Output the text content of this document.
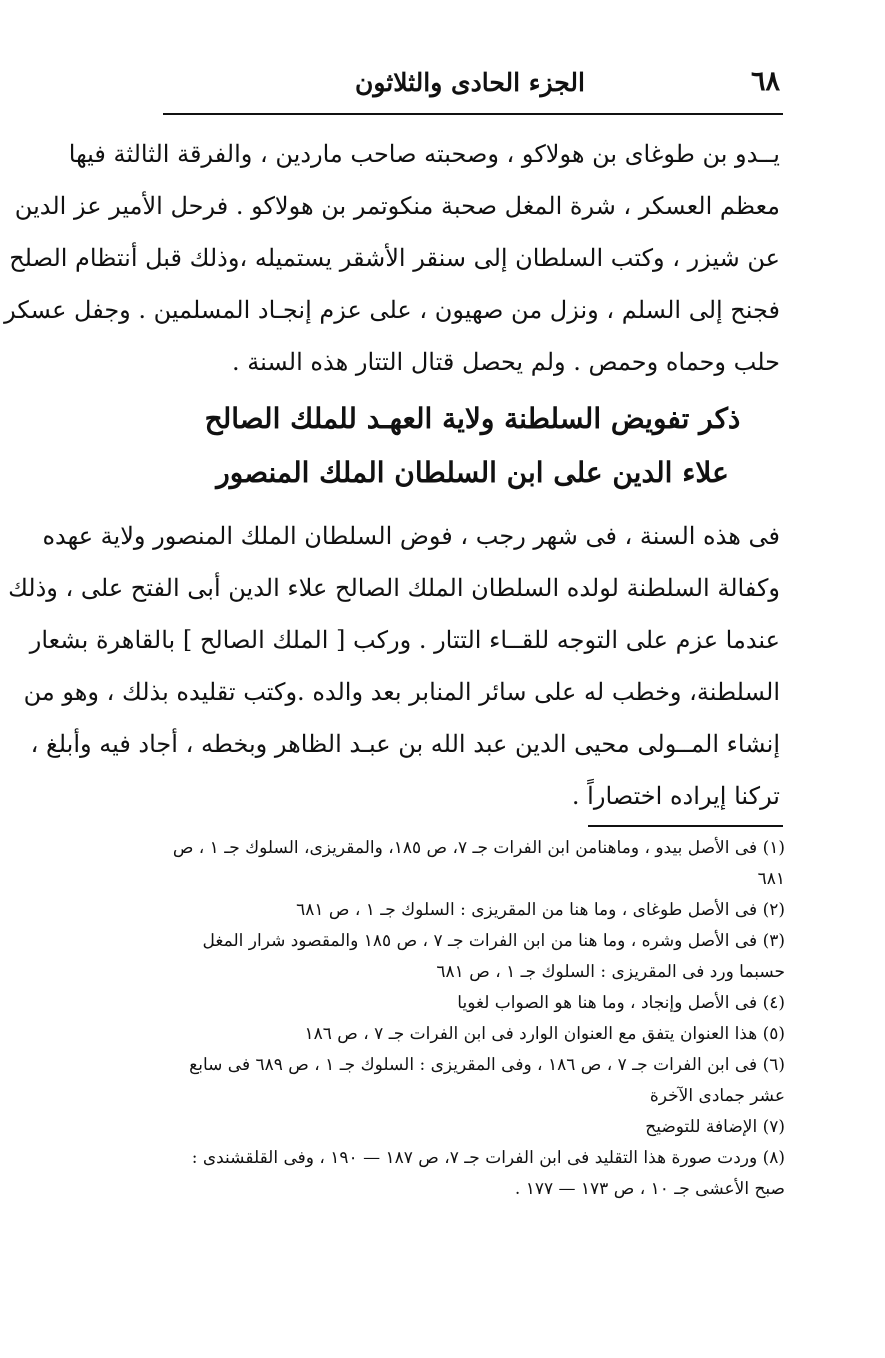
٦٨
الجزء الحادى والثلاثون
يــدو بن طوغاى بن هولاكو ، وصحبته صاحب ماردين ، والفرقة الثالثة فيها
معظم العسكر ، شرة المغل صحبة منكوتمر بن هولاكو . فرحل الأمير عز الدين
عن شيزر ، وكتب السلطان إلى سنقر الأشقر يستميله ،وذلك قبل أنتظام الصلح
فجنح إلى السلم ، ونزل من صهيون ، على عزم إنجـاد المسلمين . وجفل عسكر
حلب وحماه وحمص . ولم يحصل قتال التتار هذه السنة .
ذكر تفويض السلطنة ولاية العهـد للملك الصالح
علاء الدين على ابن السلطان الملك المنصور
فى هذه السنة ، فى شهر رجب ، فوض السلطان الملك المنصور ولاية عهده
وكفالة السلطنة لولده السلطان الملك الصالح علاء الدين أبى الفتح على ، وذلك
عندما عزم على التوجه للقــاء التتار . وركب [ الملك الصالح ] بالقاهرة بشعار
السلطنة، وخطب له على سائر المنابر بعد والده .وكتب تقليده بذلك ، وهو من
إنشاء المــولى محيى الدين عبد الله بن عبـد الظاهر وبخطه ، أجاد فيه وأبلغ ،
تركنا إيراده اختصاراً .
(١) فى الأصل بيدو ، وماهنامن ابن الفرات جـ ٧، ص ١٨٥، والمقريزى، السلوك جـ ١ ، ص ٦٨١
(٢) فى الأصل طوغاى ، وما هنا من المقريزى : السلوك جـ ١ ، ص ٦٨١
(٣) فى الأصل وشره ، وما هنا من ابن الفرات جـ ٧ ، ص ١٨٥ والمقصود شرار المغل حسبما ورد فى المقريزى : السلوك جـ ١ ، ص ٦٨١
(٤) فى الأصل وإنجاد ، وما هنا هو الصواب لغويا
(٥) هذا العنوان يتفق مع العنوان الوارد فى ابن الفرات جـ ٧ ، ص ١٨٦
(٦) فى ابن الفرات جـ ٧ ، ص ١٨٦ ، وفى المقريزى : السلوك جـ ١ ، ص ٦٨٩ فى سابع عشر جمادى الآخرة
(٧) الإضافة للتوضيح
(٨) وردت صورة هذا التقليد فى ابن الفرات جـ ٧، ص ١٨٧ — ١٩٠ ، وفى القلقشندى : صبح الأعشى جـ ١٠ ، ص ١٧٣ — ١٧٧ .
